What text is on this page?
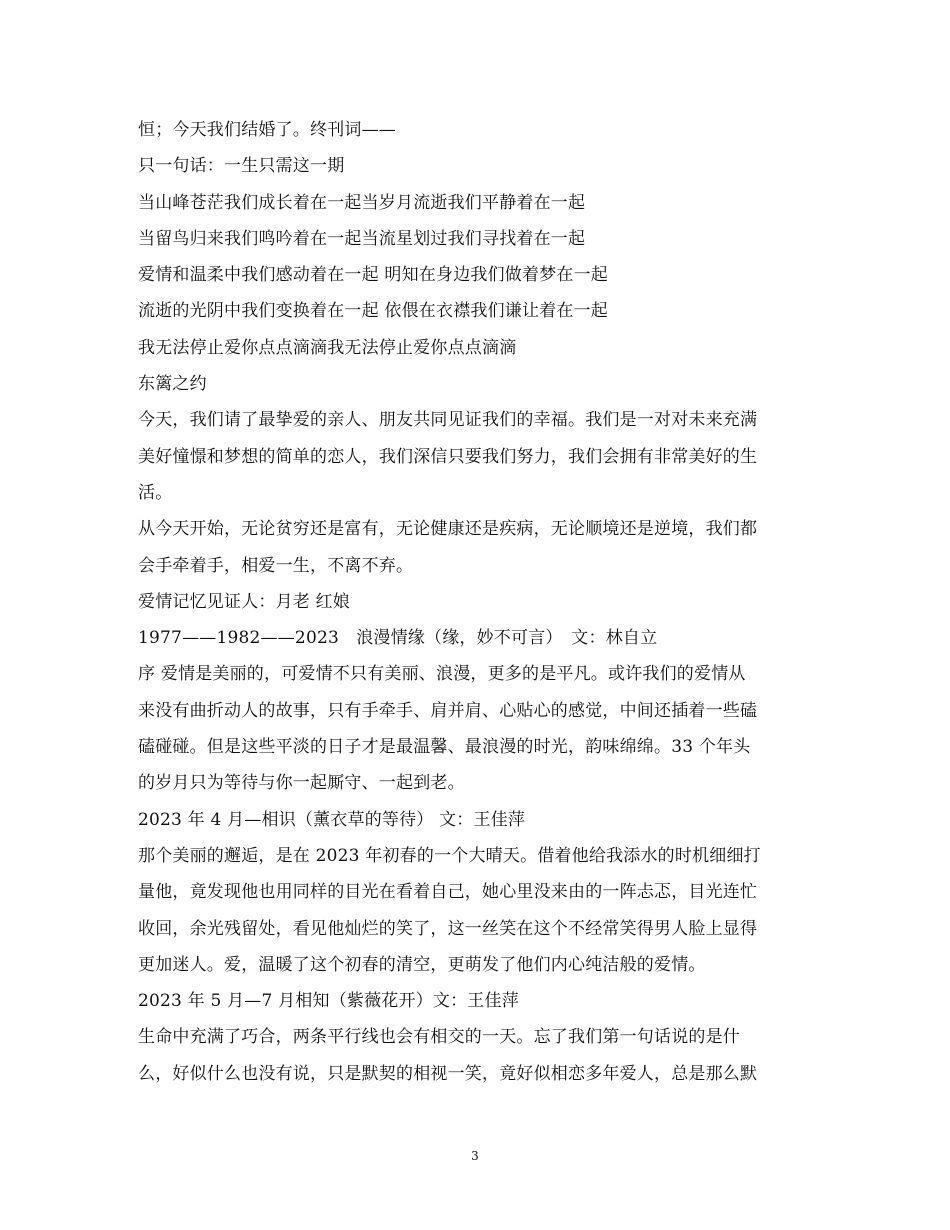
恒；今天我们结婚了。终刊词——
只一句话：一生只需这一期
当山峰苍茫我们成长着在一起当岁月流逝我们平静着在一起
当留鸟归来我们鸣吟着在一起当流星划过我们寻找着在一起
爱情和温柔中我们感动着在一起 明知在身边我们做着梦在一起
流逝的光阴中我们变换着在一起 依偎在衣襟我们谦让着在一起
我无法停止爱你点点滴滴我无法停止爱你点点滴滴
东篱之约
今天，我们请了最挚爱的亲人、朋友共同见证我们的幸福。我们是一对对未来充满
美好憧憬和梦想的简单的恋人，我们深信只要我们努力，我们会拥有非常美好的生
活。
从今天开始，无论贫穷还是富有，无论健康还是疾病，无论顺境还是逆境，我们都
会手牵着手，相爱一生，不离不弃。
爱情记忆见证人：月老 红娘
1977——1982——2023　浪漫情缘（缘，妙不可言）　文：林自立
序 爱情是美丽的，可爱情不只有美丽、浪漫，更多的是平凡。或许我们的爱情从
来没有曲折动人的故事，只有手牵手、肩并肩、心贴心的感觉，中间还插着一些磕
磕碰碰。但是这些平淡的日子才是最温馨、最浪漫的时光，韵味绵绵。33 个年头
的岁月只为等待与你一起厮守、一起到老。
2023 年 4 月—相识（薰衣草的等待） 文：王佳萍
那个美丽的邂逅，是在 2023 年初春的一个大晴天。借着他给我添水的时机细细打
量他，竟发现他也用同样的目光在看着自己，她心里没来由的一阵忐忑，目光连忙
收回，余光残留处，看见他灿烂的笑了，这一丝笑在这个不经常笑得男人脸上显得
更加迷人。爱，温暖了这个初春的清空，更萌发了他们内心纯洁般的爱情。
2023 年 5 月—7 月相知（紫薇花开）文：王佳萍
生命中充满了巧合，两条平行线也会有相交的一天。忘了我们第一句话说的是什
么，好似什么也没有说，只是默契的相视一笑，竟好似相恋多年爱人，总是那么默
3
